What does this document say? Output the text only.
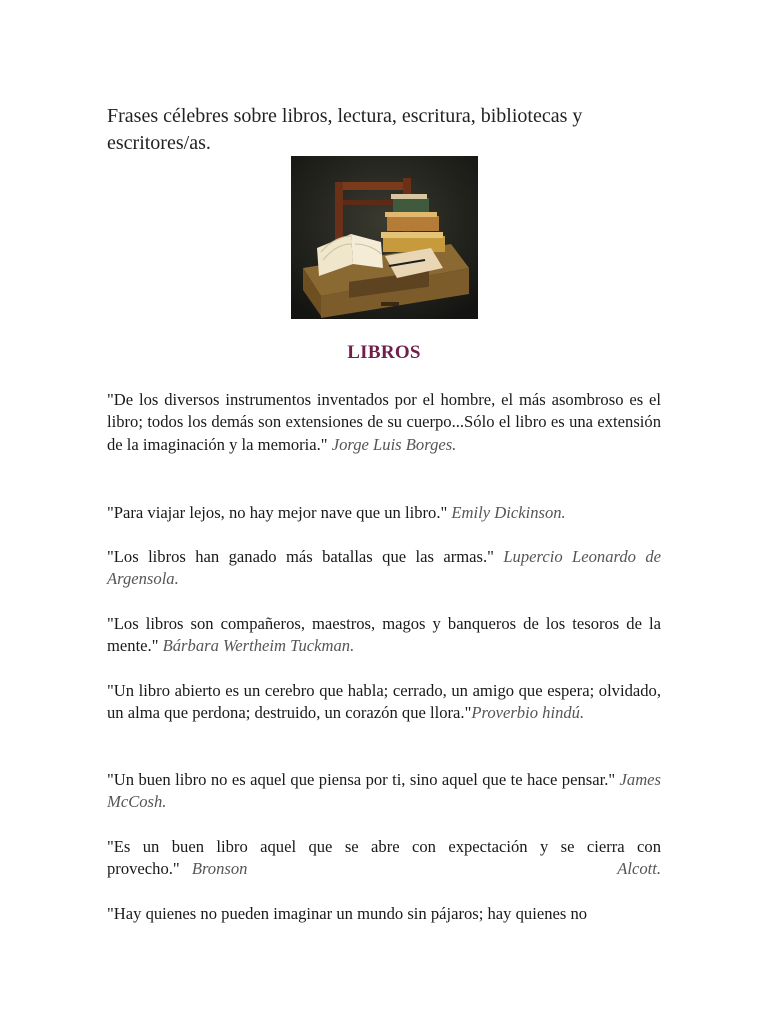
Frases célebres sobre libros, lectura, escritura, bibliotecas y escritores/as.
LIBROS
"De los diversos instrumentos inventados por el hombre, el más asombroso es el libro; todos los demás son extensiones de su cuerpo...Sólo el libro es una extensión de la imaginación y la memoria." Jorge Luis Borges.
"Para viajar lejos, no hay mejor nave que un libro." Emily Dickinson.
"Los libros han ganado más batallas que las armas." Lupercio Leonardo de Argensola.
"Los libros son compañeros, maestros, magos y banqueros de los tesoros de la mente." Bárbara Wertheim Tuckman.
"Un libro abierto es un cerebro que habla; cerrado, un amigo que espera; olvidado, un alma que perdona; destruido, un corazón que llora."Proverbio hindú.
"Un buen libro no es aquel que piensa por ti, sino aquel que te hace pensar." James McCosh.
"Es un buen libro aquel que se abre con expectación y se cierra con
provecho." Bronson	Alcott.
"Hay quienes no pueden imaginar un mundo sin pájaros; hay quienes no
